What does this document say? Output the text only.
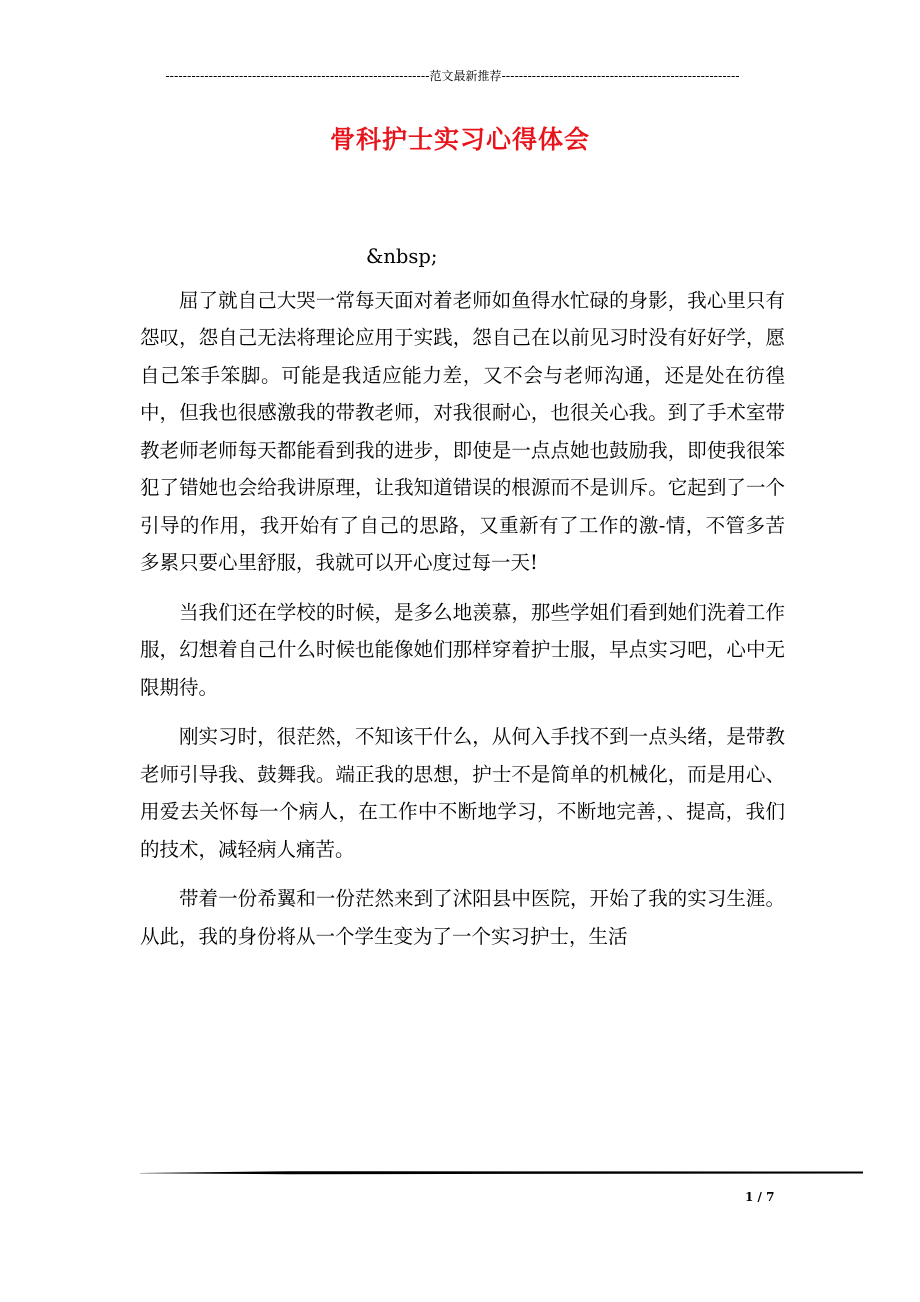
-------------------------------------------------------------范文最新推荐-------------------------------------------------------
骨科护士实习心得体会

&nbsp;

屈了就自己大哭一常每天面对着老师如鱼得水忙碌的身影，我心里只有怨叹，怨自己无法将理论应用于实践，怨自己在以前见习时没有好好学，愿自己笨手笨脚。可能是我适应能力差，又不会与老师沟通，还是处在彷徨中，但我也很感激我的带教老师，对我很耐心，也很关心我。到了手术室带教老师老师每天都能看到我的进步，即使是一点点她也鼓励我，即使我很笨犯了错她也会给我讲原理，让我知道错误的根源而不是训斥。它起到了一个引导的作用，我开始有了自己的思路，又重新有了工作的激-情，不管多苦多累只要心里舒服，我就可以开心度过每一天!

当我们还在学校的时候，是多么地羡慕，那些学姐们看到她们洗着工作服，幻想着自己什么时候也能像她们那样穿着护士服，早点实习吧，心中无限期待。

刚实习时，很茫然，不知该干什么，从何入手找不到一点头绪，是带教老师引导我、鼓舞我。端正我的思想，护士不是简单的机械化，而是用心、用爱去关怀每一个病人，在工作中不断地学习，不断地完善，、提高，我们的技术，减轻病人痛苦。

带着一份希翼和一份茫然来到了沭阳县中医院，开始了我的实习生涯。从此，我的身份将从一个学生变为了一个实习护士，生活

1 / 7
